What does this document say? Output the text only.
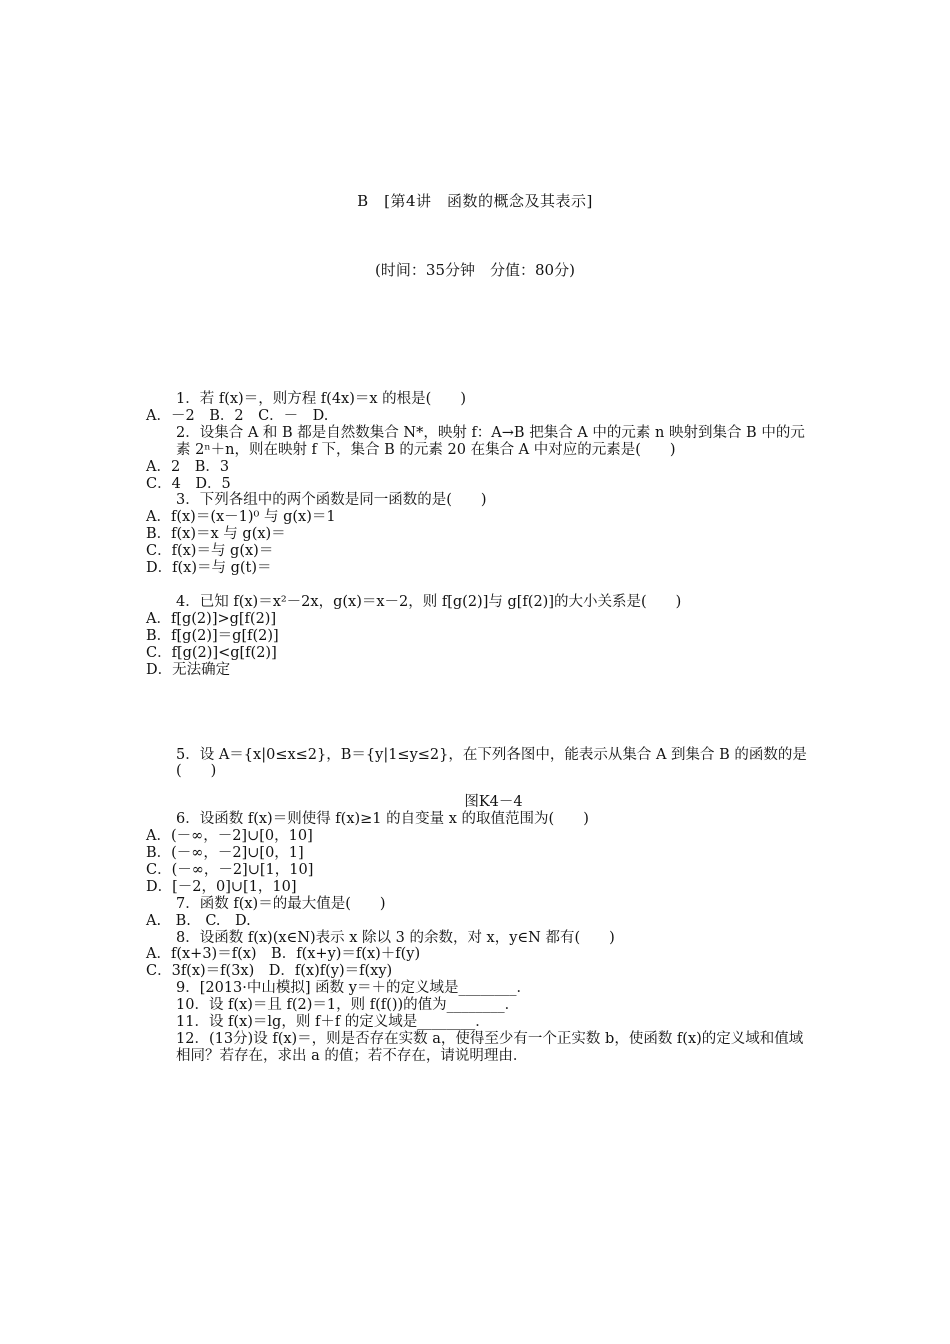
B　[第4讲　函数的概念及其表示]
(时间：35分钟　分值：80分)
1．若 f(x)＝，则方程 f(4x)＝x 的根是(　　)
A．－2　B．2　C．－　D.
2．设集合 A 和 B 都是自然数集合 N*，映射 f：A→B 把集合 A 中的元素 n 映射到集合 B 中的元素 2ⁿ＋n，则在映射 f 下，集合 B 的元素 20 在集合 A 中对应的元素是(　　)
A．2　B．3
C．4　D．5
3．下列各组中的两个函数是同一函数的是(　　)
A．f(x)＝(x－1)⁰ 与 g(x)＝1
B．f(x)＝x 与 g(x)＝
C．f(x)＝与 g(x)＝
D．f(x)＝与 g(t)＝
4．已知 f(x)＝x²－2x，g(x)＝x－2，则 f[g(2)]与 g[f(2)]的大小关系是(　　)
A．f[g(2)]>g[f(2)]
B．f[g(2)]＝g[f(2)]
C．f[g(2)]<g[f(2)]
D．无法确定
5．设 A＝{x|0≤x≤2}，B＝{y|1≤y≤2}，在下列各图中，能表示从集合 A 到集合 B 的函数的是(　　)
图K4－4
6．设函数 f(x)＝则使得 f(x)≥1 的自变量 x 的取值范围为(　　)
A．(－∞，－2]∪[0，10]
B．(－∞，－2]∪[0，1]
C．(－∞，－2]∪[1，10]
D．[－2，0]∪[1，10]
7．函数 f(x)＝的最大值是(　　)
A.　B.　C.　D.
8．设函数 f(x)(x∈N)表示 x 除以 3 的余数，对 x，y∈N 都有(　　)
A．f(x+3)＝f(x)　B．f(x+y)＝f(x)＋f(y)
C．3f(x)＝f(3x)　D．f(x)f(y)＝f(xy)
9．[2013·中山模拟] 函数 y＝＋的定义域是________．
10．设 f(x)＝且 f(2)＝1，则 f(f())的值为________．
11．设 f(x)＝lg，则 f＋f 的定义域是________．
12．(13分)设 f(x)＝，则是否存在实数 a，使得至少有一个正实数 b，使函数 f(x)的定义域和值域相同？若存在，求出 a 的值；若不存在，请说明理由．
